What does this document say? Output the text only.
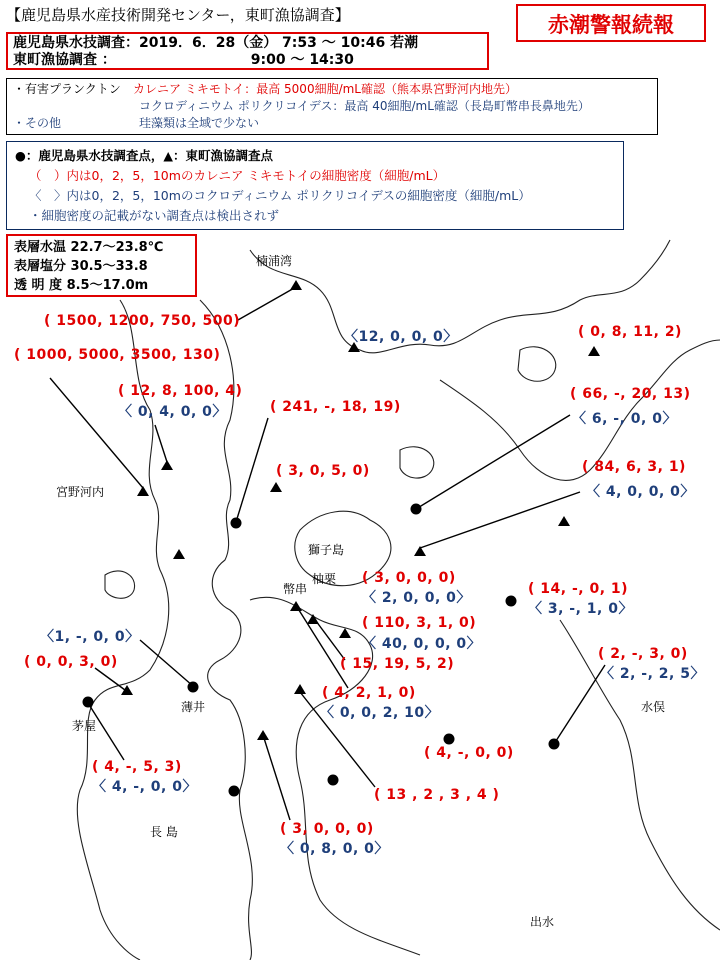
【鹿児島県水産技術開発センター，東町漁協調査】	赤潮警報続報
鹿児島県水技調査：2019．6．28（金） 7:53 ～ 10:46 若潮
東町漁協調査 ：	9:00 ～ 14:30
・有害プランクトン カレニア ミキモトイ：最高 5000細胞/mL確認（熊本県宮野河内地先）
コクロディニウム ポリクリコイデス：最高 40細胞/mL確認（長島町幣串長鼻地先）
・その他	珪藻類は全域で少ない
●：鹿児島県水技調査点，▲：東町漁協調査点
（　）内は0，2，5，10mのカレニア ミキモトイの細胞密度（細胞/mL）
〈　〉内は0，2，5，10mのコクロディニウム ポリクリコイデスの細胞密度（細胞/mL）
・細胞密度の記載がない調査点は検出されず
表層水温 22.7～23.8℃
表層塩分 30.5～33.8
透 明 度 8.5～17.0m
楠浦湾
宮野河内
獅子島
柚栗
幣串
薄井
茅屋
長 島
水俣
出水
( 1500, 1200, 750, 500)
( 1000, 5000, 3500, 130)
〈12, 0, 0, 0〉	( 0, 8, 11, 2)
( 12, 8, 100, 4)
〈 0, 4, 0, 0〉	( 241, -, 18, 19)
( 66, -, 20, 13)
〈 6, -, 0, 0〉
( 3, 0, 5, 0)	( 84, 6, 3, 1)
〈 4, 0, 0, 0〉
( 3, 0, 0, 0)
〈 2, 0, 0, 0〉
( 14, -, 0, 1)
〈 3, -, 1, 0〉
( 110, 3, 1, 0)
〈 40, 0, 0, 0〉
〈1, -, 0, 0〉
( 15, 19, 5, 2)
( 0, 0, 3, 0)	( 2, -, 3, 0)
〈 2, -, 2, 5〉
( 4, 2, 1, 0)
〈 0, 0, 2, 10〉
( 4, -, 0, 0)
( 4, -, 5, 3)
〈 4, -, 0, 0〉	( 13 , 2 , 3 , 4 )
( 3, 0, 0, 0)
〈 0, 8, 0, 0〉
